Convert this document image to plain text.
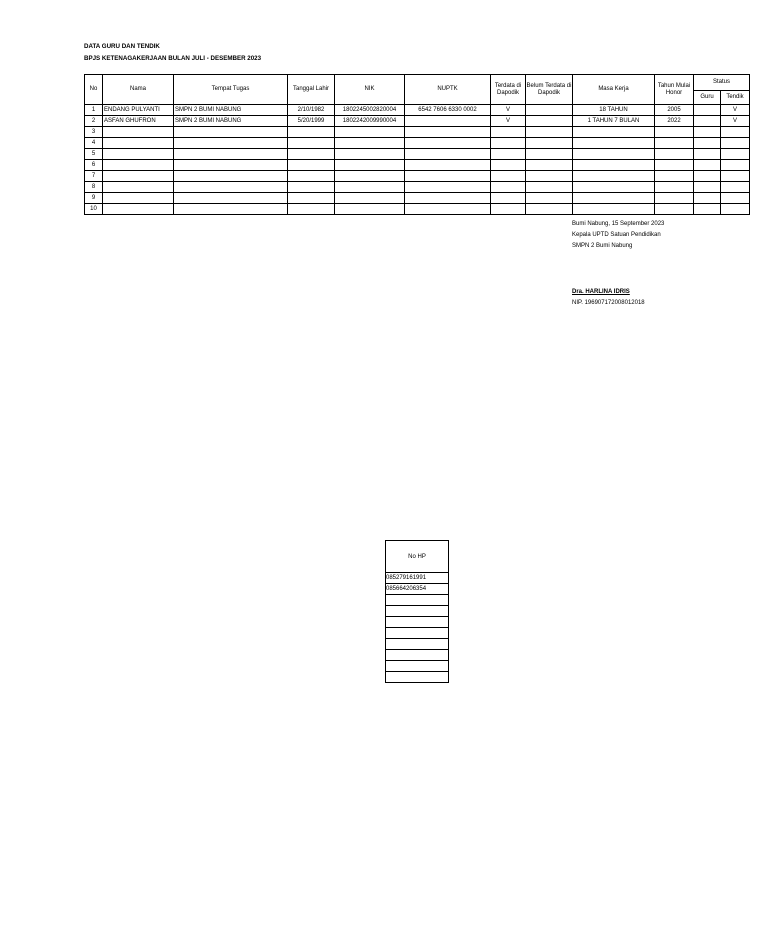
DATA GURU DAN TENDIK
BPJS KETENAGAKERJAAN BULAN JULI - DESEMBER 2023
No	Nama	Tempat Tugas	Tanggal Lahir	NIK	NUPTK	Terdata di Dapodik	Belum Terdata di Dapodik	Masa Kerja	Tahun Mulai Honor	Status	
										Guru	Tendik
1	ENDANG PULYANTI	SMPN 2 BUMI NABUNG	2/10/1982	1802245002820004	6542 7606 6330 0002	V		18 TAHUN	2005		V
2	ASFAN GHUFRON	SMPN 2 BUMI NABUNG	5/20/1999	1802242009990004		V		1 TAHUN 7 BULAN	2022		V
3											
4											
5											
6											
7											
8											
9											
10											
Bumi Nabung, 15 September 2023
Kepala UPTD Satuan Pendidikan
SMPN 2 Bumi Nabung
Dra. HARLINA IDRIS
NIP. 196907172008012018
No HP
085279161991
085664206354
